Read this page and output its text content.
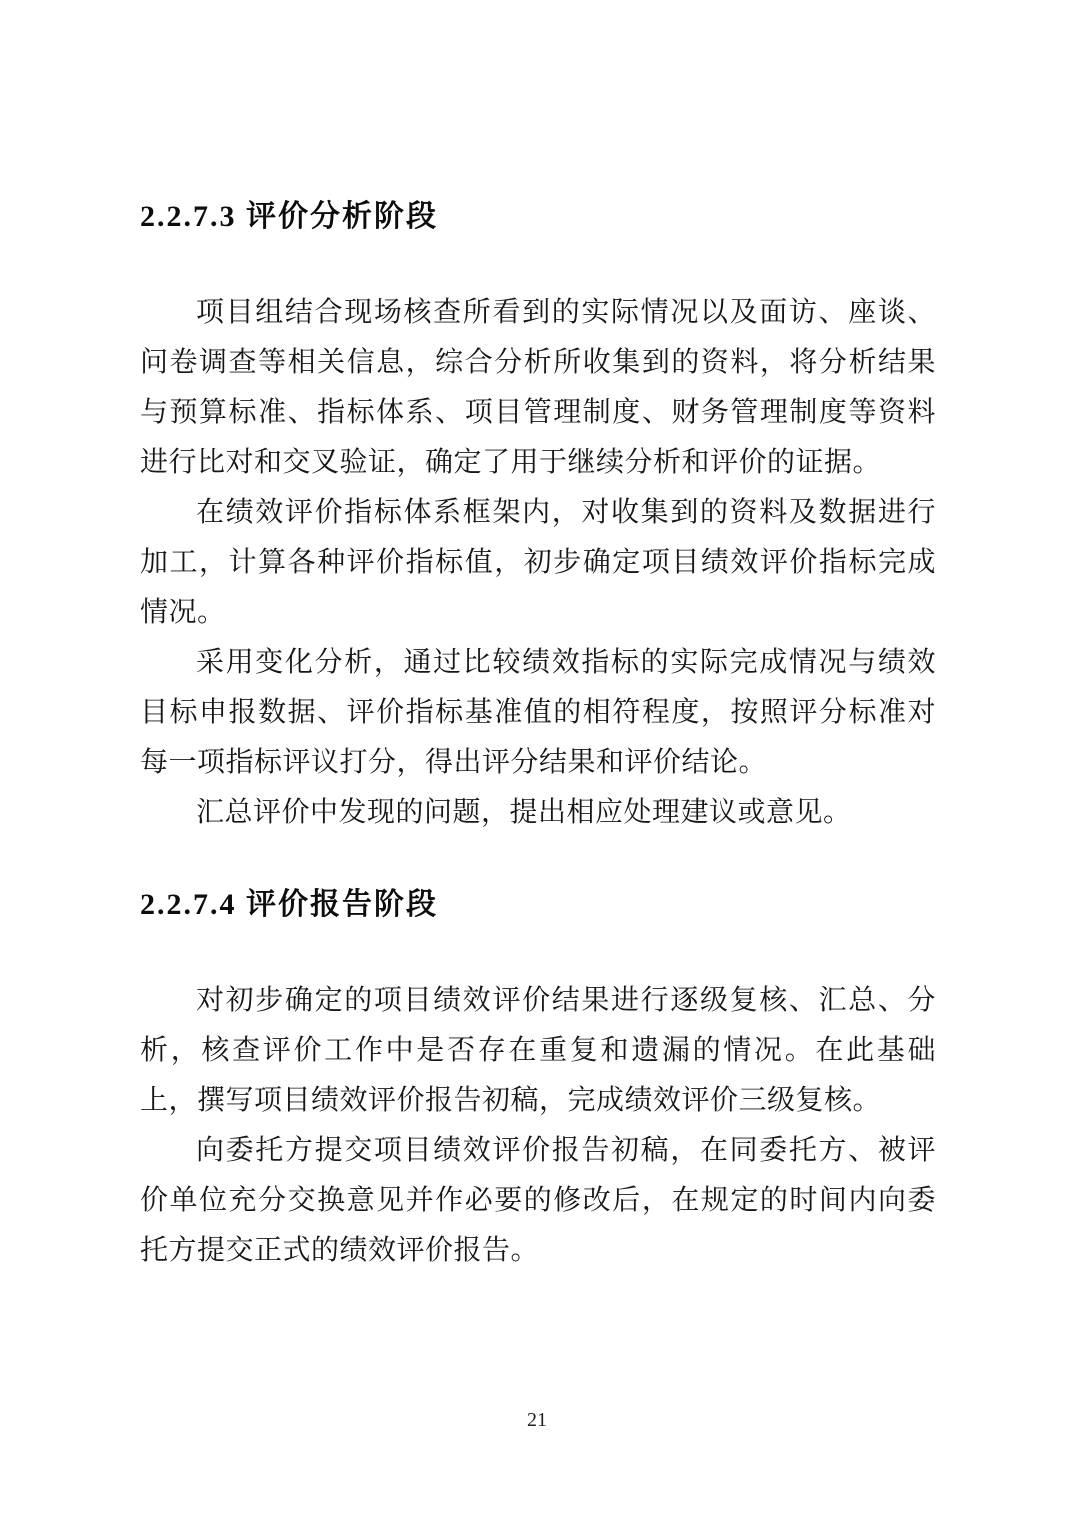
2.2.7.3 评价分析阶段

项目组结合现场核查所看到的实际情况以及面访、座谈、问卷调查等相关信息，综合分析所收集到的资料，将分析结果与预算标准、指标体系、项目管理制度、财务管理制度等资料进行比对和交叉验证，确定了用于继续分析和评价的证据。

在绩效评价指标体系框架内，对收集到的资料及数据进行加工，计算各种评价指标值，初步确定项目绩效评价指标完成情况。

采用变化分析，通过比较绩效指标的实际完成情况与绩效目标申报数据、评价指标基准值的相符程度，按照评分标准对每一项指标评议打分，得出评分结果和评价结论。

汇总评价中发现的问题，提出相应处理建议或意见。

2.2.7.4 评价报告阶段

对初步确定的项目绩效评价结果进行逐级复核、汇总、分析，核查评价工作中是否存在重复和遗漏的情况。在此基础上，撰写项目绩效评价报告初稿，完成绩效评价三级复核。

向委托方提交项目绩效评价报告初稿，在同委托方、被评价单位充分交换意见并作必要的修改后，在规定的时间内向委托方提交正式的绩效评价报告。

21
